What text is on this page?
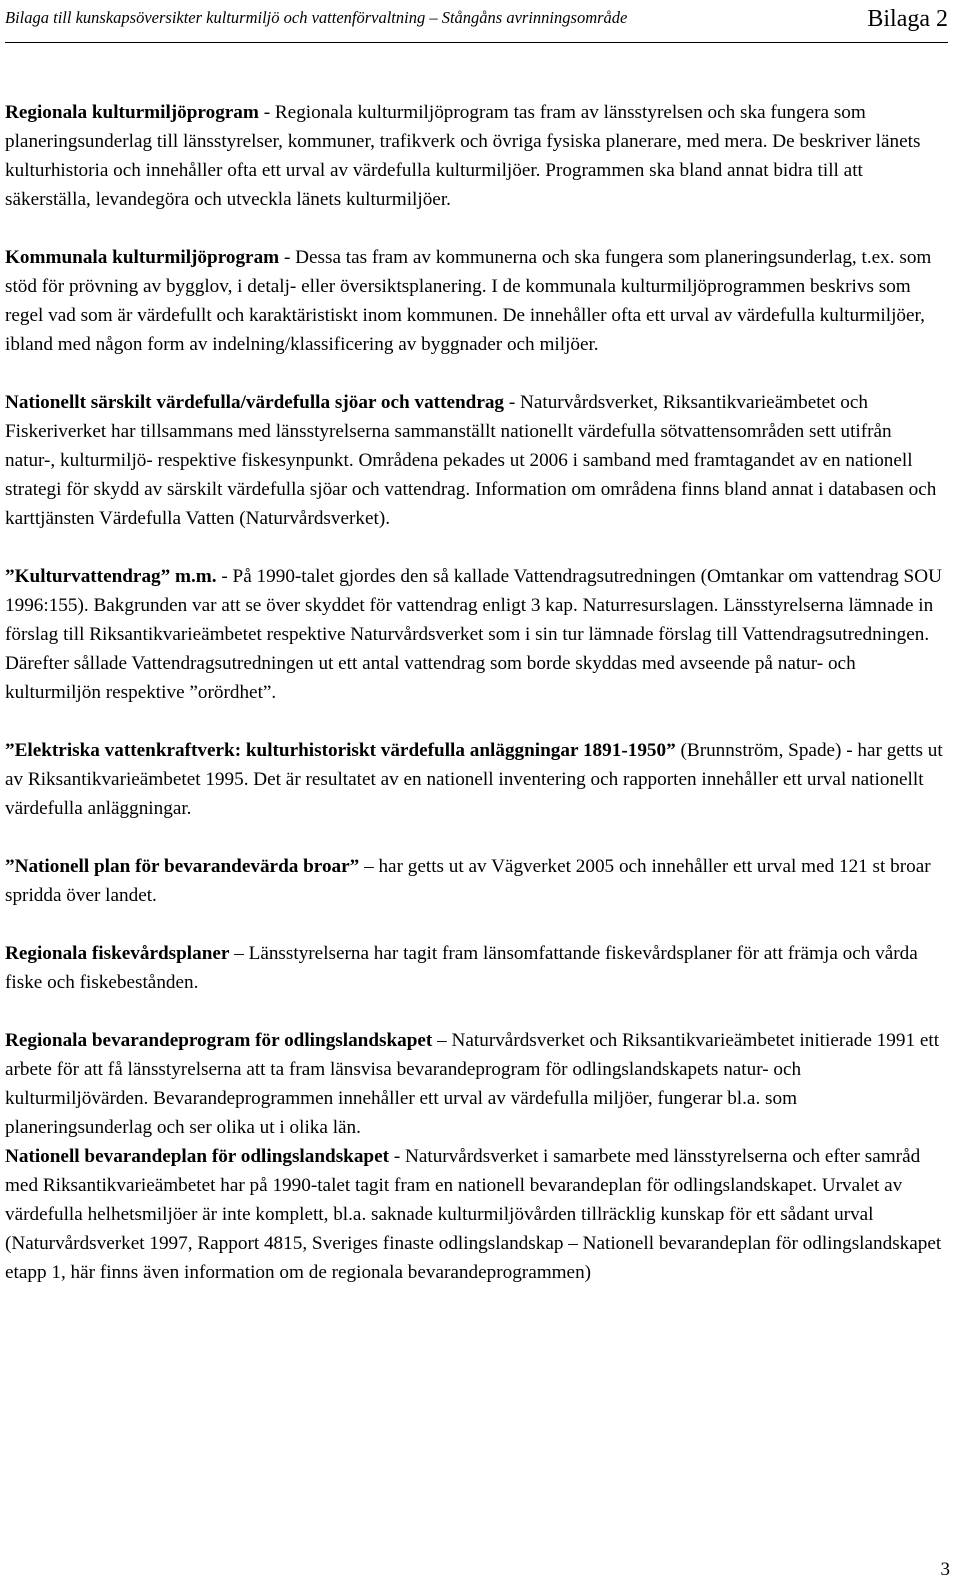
Bilaga till kunskapsöversikter kulturmiljö och vattenförvaltning – Stångåns avrinningsområde	Bilaga 2

Regionala kulturmiljöprogram - Regionala kulturmiljöprogram tas fram av länsstyrelsen och ska fungera som planeringsunderlag till länsstyrelser, kommuner, trafikverk och övriga fysiska planerare, med mera. De beskriver länets kulturhistoria och innehåller ofta ett urval av värdefulla kulturmiljöer. Programmen ska bland annat bidra till att säkerställa, levandegöra och utveckla länets kulturmiljöer.

Kommunala kulturmiljöprogram - Dessa tas fram av kommunerna och ska fungera som planeringsunderlag, t.ex. som stöd för prövning av bygglov, i detalj- eller översiktsplanering. I de kommunala kulturmiljöprogrammen beskrivs som regel vad som är värdefullt och karaktäristiskt inom kommunen. De innehåller ofta ett urval av värdefulla kulturmiljöer, ibland med någon form av indelning/klassificering av byggnader och miljöer.

Nationellt särskilt värdefulla/värdefulla sjöar och vattendrag - Naturvårdsverket, Riksantikvarieämbetet och Fiskeriverket har tillsammans med länsstyrelserna sammanställt nationellt värdefulla sötvattensområden sett utifrån natur-, kulturmiljö- respektive fiskesynpunkt. Områdena pekades ut 2006 i samband med framtagandet av en nationell strategi för skydd av särskilt värdefulla sjöar och vattendrag. Information om områdena finns bland annat i databasen och karttjänsten Värdefulla Vatten (Naturvårdsverket).

”Kulturvattendrag” m.m. - På 1990-talet gjordes den så kallade Vattendragsutredningen (Omtankar om vattendrag SOU 1996:155). Bakgrunden var att se över skyddet för vattendrag enligt 3 kap. Naturresurslagen. Länsstyrelserna lämnade in förslag till Riksantikvarieämbetet respektive Naturvårdsverket som i sin tur lämnade förslag till Vattendragsutredningen. Därefter sållade Vattendragsutredningen ut ett antal vattendrag som borde skyddas med avseende på natur- och kulturmiljön respektive ”orördhet”.

”Elektriska vattenkraftverk: kulturhistoriskt värdefulla anläggningar 1891-1950” (Brunnström, Spade) - har getts ut av Riksantikvarieämbetet 1995. Det är resultatet av en nationell inventering och rapporten innehåller ett urval nationellt värdefulla anläggningar.

”Nationell plan för bevarandevärda broar” – har getts ut av Vägverket 2005 och innehåller ett urval med 121 st broar spridda över landet.

Regionala fiskevårdsplaner – Länsstyrelserna har tagit fram länsomfattande fiskevårdsplaner för att främja och vårda fiske och fiskebestånden.

Regionala bevarandeprogram för odlingslandskapet – Naturvårdsverket och Riksantikvarieämbetet initierade 1991 ett arbete för att få länsstyrelserna att ta fram länsvisa bevarandeprogram för odlingslandskapets natur- och kulturmiljövärden. Bevarandeprogrammen innehåller ett urval av värdefulla miljöer, fungerar bl.a. som planeringsunderlag och ser olika ut i olika län.

Nationell bevarandeplan för odlingslandskapet - Naturvårdsverket i samarbete med länsstyrelserna och efter samråd med Riksantikvarieämbetet har på 1990-talet tagit fram en nationell bevarandeplan för odlingslandskapet. Urvalet av värdefulla helhetsmiljöer är inte komplett, bl.a. saknade kulturmiljövården tillräcklig kunskap för ett sådant urval (Naturvårdsverket 1997, Rapport 4815, Sveriges finaste odlingslandskap – Nationell bevarandeplan för odlingslandskapet etapp 1, här finns även information om de regionala bevarandeprogrammen)

3
